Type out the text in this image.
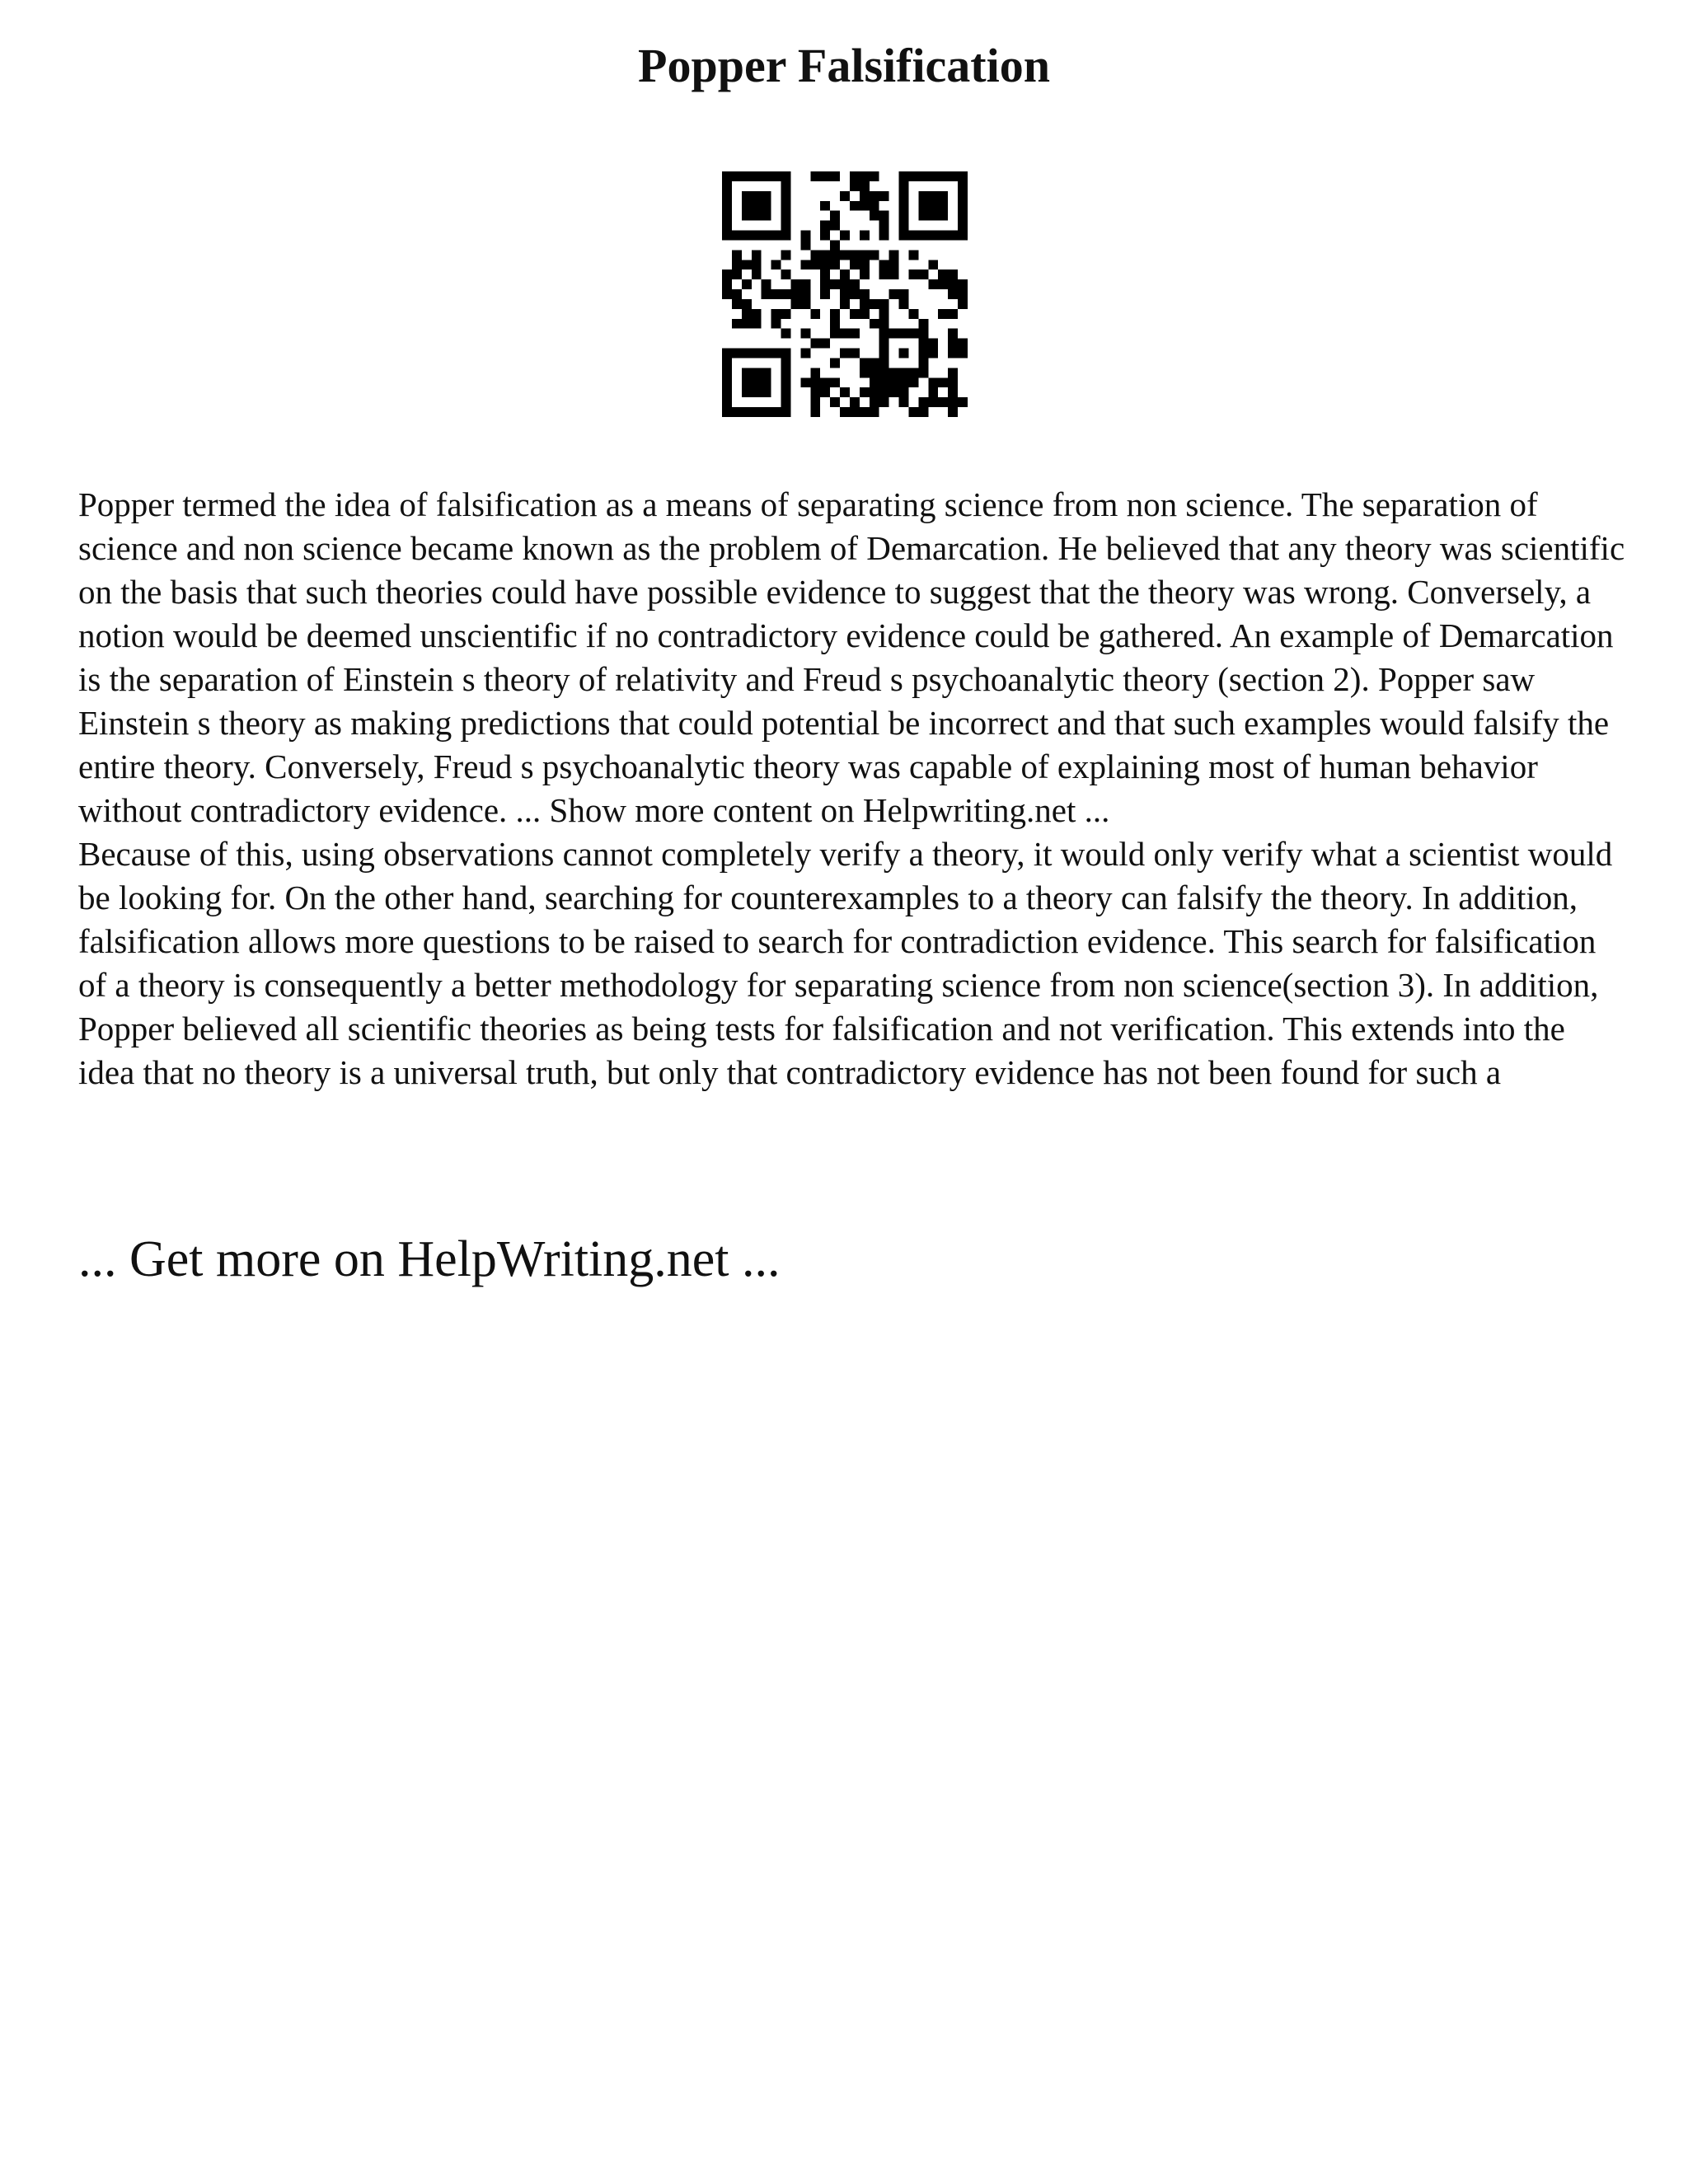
Popper Falsification

Popper termed the idea of falsification as a means of separating science from non science. The separation of science and non science became known as the problem of Demarcation. He believed that any theory was scientific on the basis that such theories could have possible evidence to suggest that the theory was wrong. Conversely, a notion would be deemed unscientific if no contradictory evidence could be gathered. An example of Demarcation is the separation of Einstein s theory of relativity and Freud s psychoanalytic theory (section 2). Popper saw Einstein s theory as making predictions that could potential be incorrect and that such examples would falsify the entire theory. Conversely, Freud s psychoanalytic theory was capable of explaining most of human behavior without contradictory evidence. ... Show more content on Helpwriting.net ...

Because of this, using observations cannot completely verify a theory, it would only verify what a scientist would be looking for. On the other hand, searching for counterexamples to a theory can falsify the theory. In addition, falsification allows more questions to be raised to search for contradiction evidence. This search for falsification of a theory is consequently a better methodology for separating science from non science(section 3). In addition, Popper believed all scientific theories as being tests for falsification and not verification. This extends into the idea that no theory is a universal truth, but only that contradictory evidence has not been found for such a

... Get more on HelpWriting.net ...
